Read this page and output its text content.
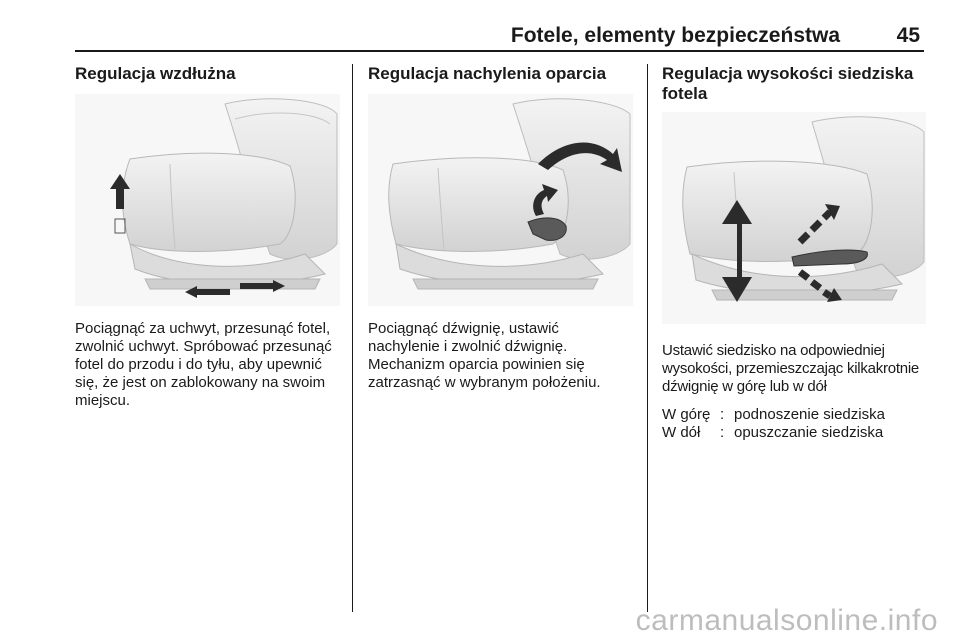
Fotele, elementy bezpieczeństwa	45
Regulacja wzdłużna

Pociągnąć za uchwyt, przesunąć fotel, zwolnić uchwyt. Spróbować przesunąć fotel do przodu i do tyłu, aby upewnić się, że jest on zablokowany na swoim miejscu.

Regulacja nachylenia oparcia

Pociągnąć dźwignię, ustawić nachylenie i zwolnić dźwignię. Mechanizm oparcia powinien się zatrzasnąć w wybranym położeniu.

Regulacja wysokości siedziska fotela

Ustawić siedzisko na odpowiedniej wysokości, przemieszczając kilkakrotnie dźwignię w górę lub w dół

W górę : podnoszenie siedziska
W dół	: opuszczanie siedziska
carmanualsonline.info
